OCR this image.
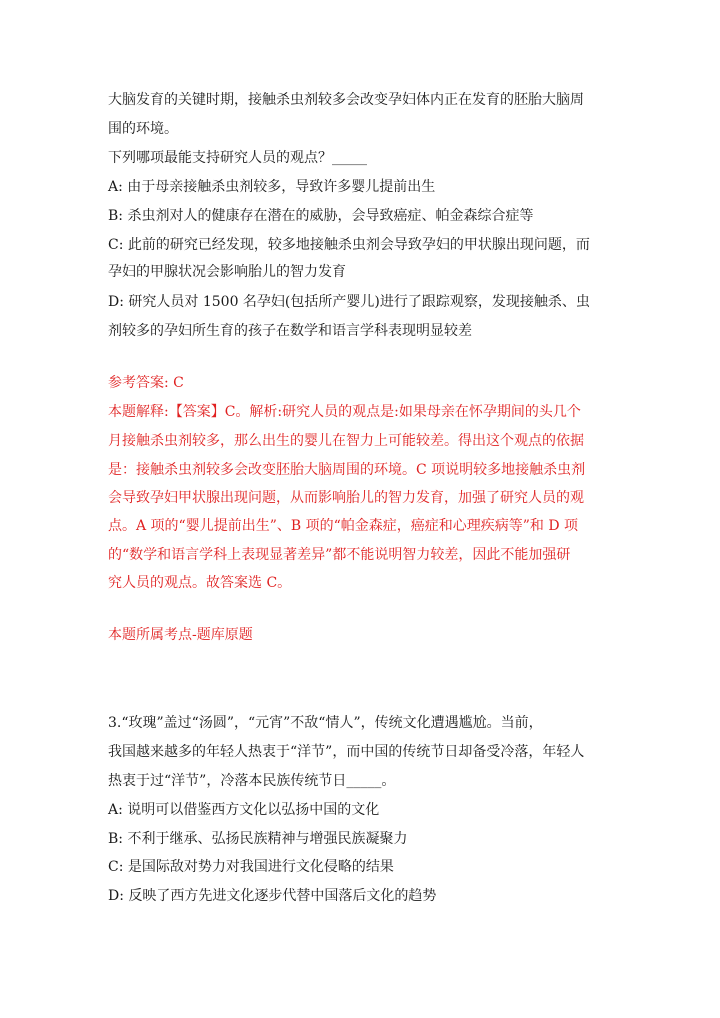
大脑发育的关键时期，接触杀虫剂较多会改变孕妇体内正在发育的胚胎大脑周
围的环境。
下列哪项最能支持研究人员的观点？_____
A: 由于母亲接触杀虫剂较多，导致许多婴儿提前出生
B: 杀虫剂对人的健康存在潜在的威胁，会导致癌症、帕金森综合症等
C: 此前的研究已经发现，较多地接触杀虫剂会导致孕妇的甲状腺出现问题，而
孕妇的甲腺状况会影响胎儿的智力发育
D: 研究人员对 1500 名孕妇(包括所产婴儿)进行了跟踪观察，发现接触杀、虫
剂较多的孕妇所生育的孩子在数学和语言学科表现明显较差
参考答案: C
本题解释:【答案】C。解析:研究人员的观点是:如果母亲在怀孕期间的头几个
月接触杀虫剂较多，那么出生的婴儿在智力上可能较差。得出这个观点的依据
是：接触杀虫剂较多会改变胚胎大脑周围的环境。C 项说明较多地接触杀虫剂
会导致孕妇甲状腺出现问题，从而影响胎儿的智力发育，加强了研究人员的观
点。A 项的“婴儿提前出生”、B 项的“帕金森症，癌症和心理疾病等”和 D 项
的“数学和语言学科上表现显著差异”都不能说明智力较差，因此不能加强研
究人员的观点。故答案选 C。
本题所属考点-题库原题
3.“玫瑰”盖过“汤圆”，“元宵”不敌“情人”，传统文化遭遇尴尬。当前，
我国越来越多的年轻人热衷于“洋节”，而中国的传统节日却备受冷落，年轻人
热衷于过“洋节”，冷落本民族传统节日_____。
A: 说明可以借鉴西方文化以弘扬中国的文化
B: 不利于继承、弘扬民族精神与增强民族凝聚力
C: 是国际敌对势力对我国进行文化侵略的结果
D: 反映了西方先进文化逐步代替中国落后文化的趋势
